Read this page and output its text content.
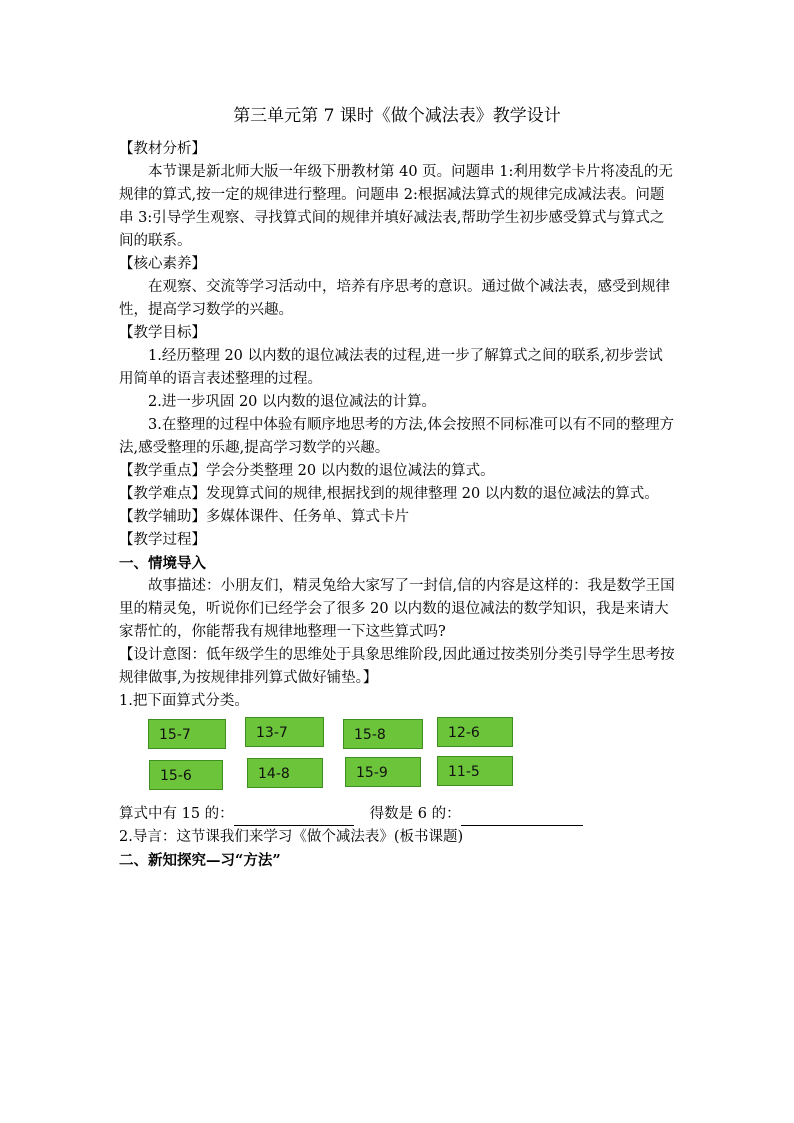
第三单元第 7 课时《做个减法表》教学设计

【教材分析】

本节课是新北师大版一年级下册教材第 40 页。问题串 1:利用数学卡片将凌乱的无规律的算式,按一定的规律进行整理。问题串 2:根据减法算式的规律完成减法表。问题串 3:引导学生观察、寻找算式间的规律并填好减法表,帮助学生初步感受算式与算式之间的联系。

【核心素养】

在观察、交流等学习活动中，培养有序思考的意识。通过做个减法表，感受到规律性，提高学习数学的兴趣。

【教学目标】

1.经历整理 20 以内数的退位减法表的过程,进一步了解算式之间的联系,初步尝试用简单的语言表述整理的过程。

2.进一步巩固 20 以内数的退位减法的计算。

3.在整理的过程中体验有顺序地思考的方法,体会按照不同标准可以有不同的整理方法,感受整理的乐趣,提高学习数学的兴趣。

【教学重点】学会分类整理 20 以内数的退位减法的算式。

【教学难点】发现算式间的规律,根据找到的规律整理 20 以内数的退位减法的算式。

【教学辅助】多媒体课件、任务单、算式卡片

【教学过程】

一、情境导入

故事描述：小朋友们，精灵兔给大家写了一封信,信的内容是这样的：我是数学王国里的精灵兔，听说你们已经学会了很多 20 以内数的退位减法的数学知识，我是来请大家帮忙的，你能帮我有规律地整理一下这些算式吗?

【设计意图：低年级学生的思维处于具象思维阶段,因此通过按类别分类引导学生思考按规律做事,为按规律排列算式做好铺垫。】

1.把下面算式分类。

15-7	13-7	15-8	12-6
15-6	14-8	15-9	11-5

算式中有 15 的：	得数是 6 的：

2.导言：这节课我们来学习《做个减法表》(板书课题)

二、新知探究—习“方法”
